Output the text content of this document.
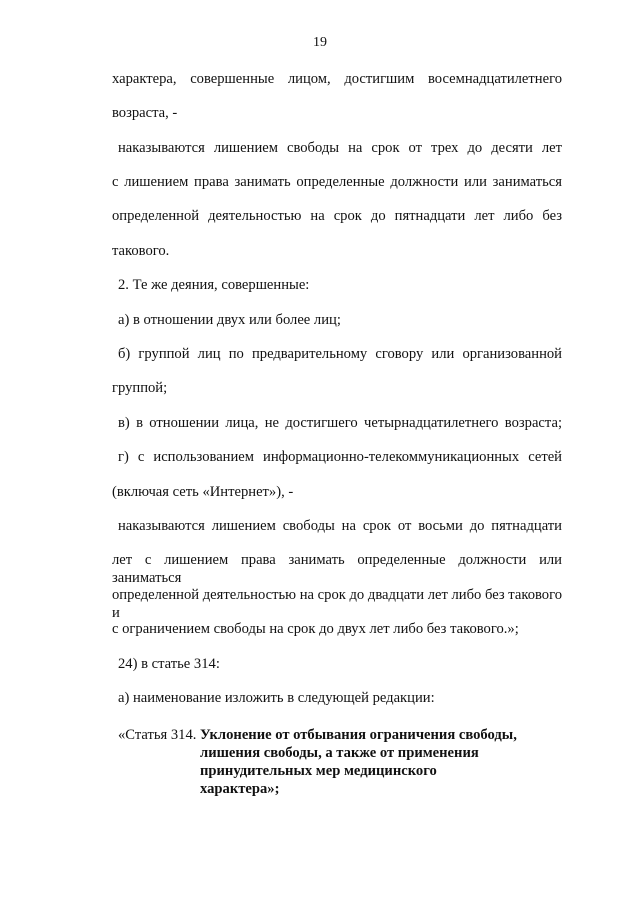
19
характера, совершенные лицом, достигшим восемнадцатилетнего
возраста, -
наказываются лишением свободы на срок от трех до десяти лет
с лишением права занимать определенные должности или заниматься
определенной деятельностью на срок до пятнадцати лет либо без
такового.
2. Те же деяния, совершенные:
а) в отношении двух или более лиц;
б) группой лиц по предварительному сговору или организованной
группой;
в) в отношении лица, не достигшего четырнадцатилетнего возраста;
г) с использованием информационно-телекоммуникационных сетей
(включая сеть «Интернет»), -
наказываются лишением свободы на срок от восьми до пятнадцати
лет с лишением права занимать определенные должности или заниматься
определенной деятельностью на срок до двадцати лет либо без такового и
с ограничением свободы на срок до двух лет либо без такового.»;
24) в статье 314:
а) наименование изложить в следующей редакции:
«Статья 314. Уклонение от отбывания ограничения свободы,
лишения свободы, а также от применения
принудительных мер медицинского
характера»;
